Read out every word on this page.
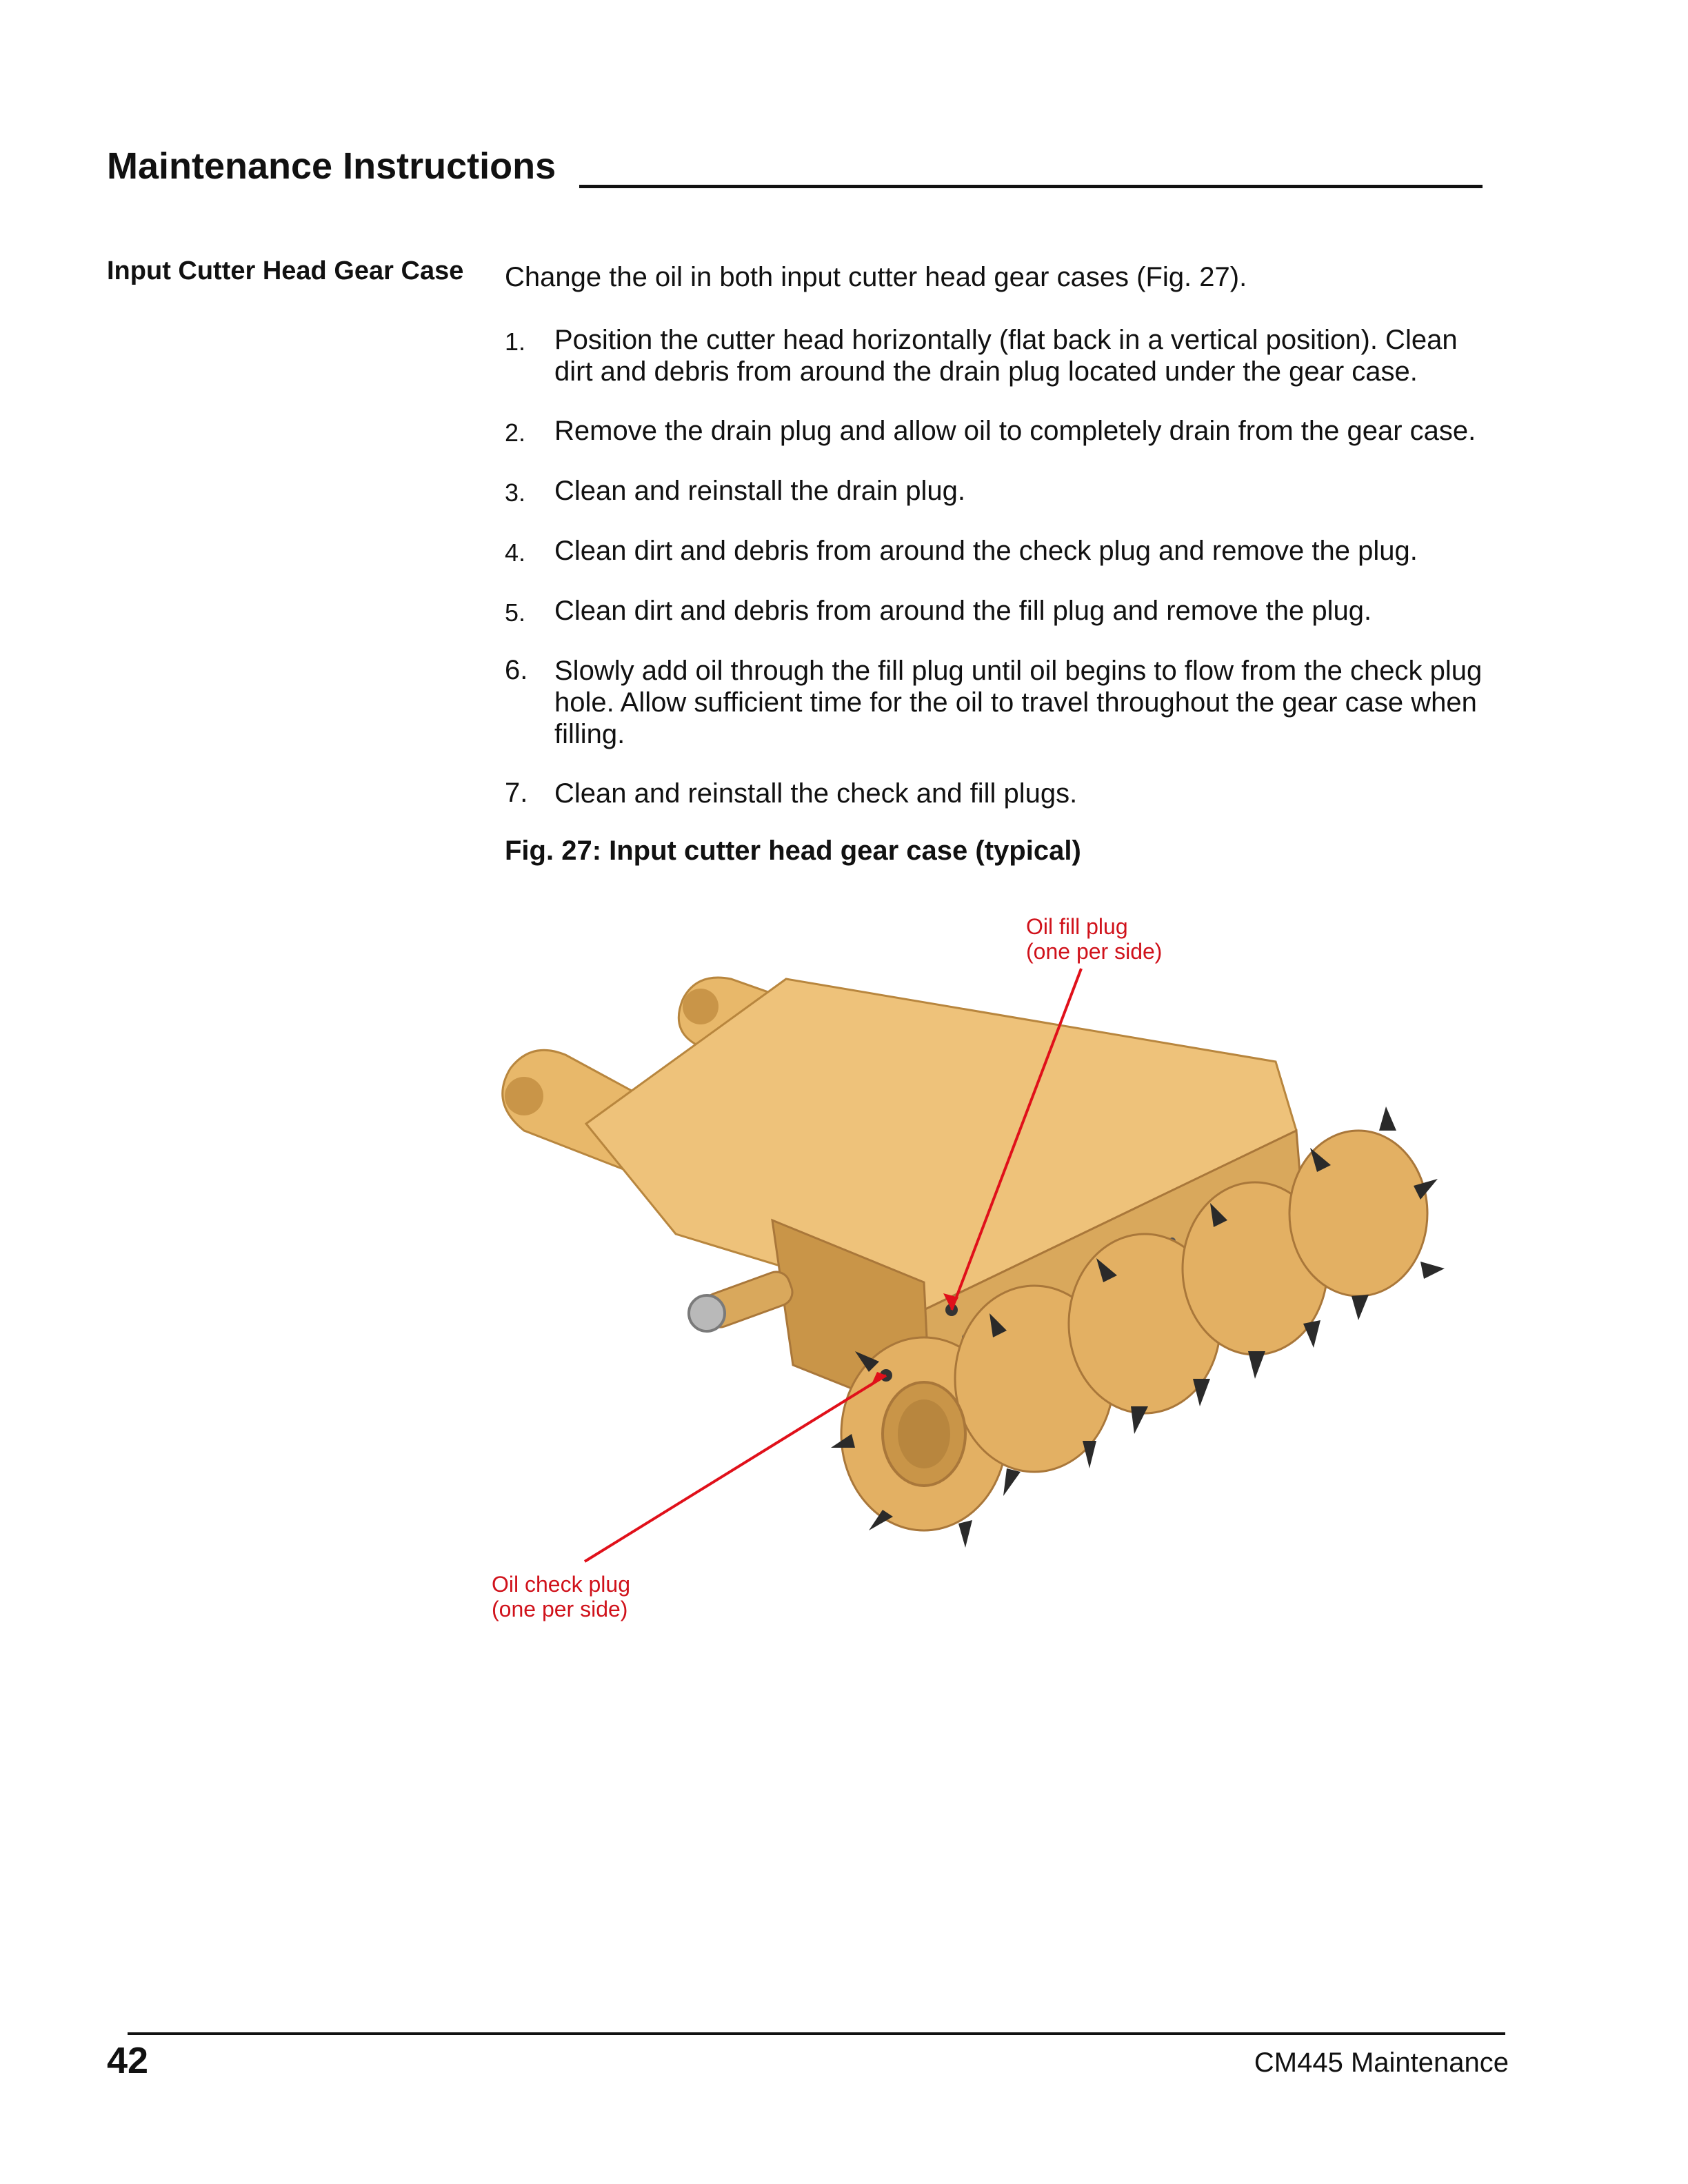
Maintenance Instructions
Input Cutter Head Gear Case Change the oil in both input cutter head gear cases (Fig. 27).
1.	Position the cutter head horizontally (flat back in a vertical position). Clean dirt and debris from around the drain plug located under the gear case.
2.	Remove the drain plug and allow oil to completely drain from the gear case.
3.	Clean and reinstall the drain plug.
4.	Clean dirt and debris from around the check plug and remove the plug.
5.	Clean dirt and debris from around the fill plug and remove the plug.
6. Slowly add oil through the fill plug until oil begins to flow from the check plug hole. Allow sufficient time for the oil to travel throughout the gear case when filling.
7. Clean and reinstall the check and fill plugs.
Fig. 27: Input cutter head gear case (typical)
Oil fill plug
(one per side)
Oil check plug
(one per side)
42	CM445 Maintenance
